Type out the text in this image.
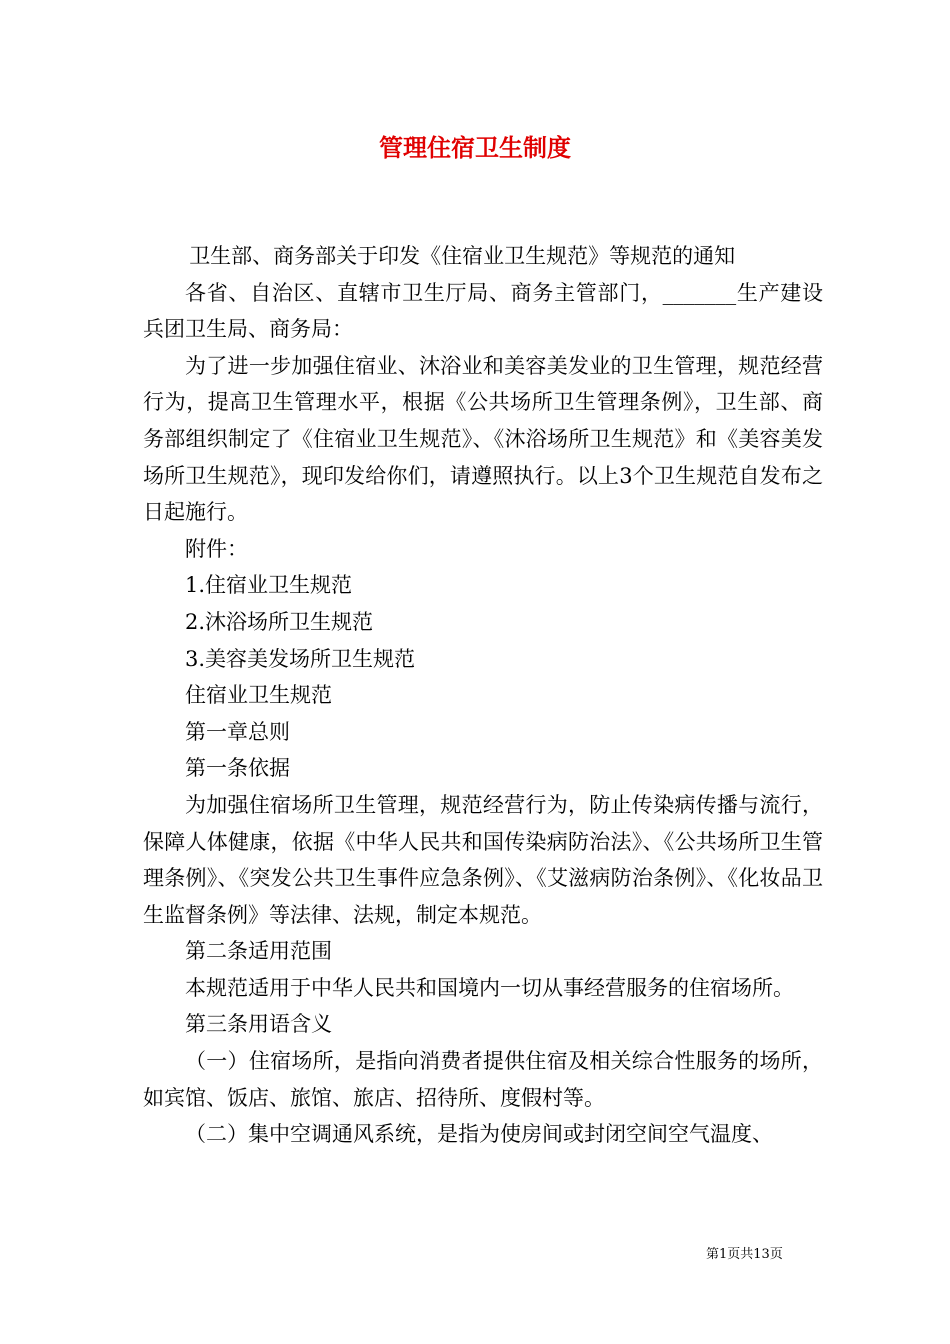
管理住宿卫生制度

卫生部、商务部关于印发《住宿业卫生规范》等规范的通知

各省、自治区、直辖市卫生厅局、商务主管部门，_______生产建设兵团卫生局、商务局：

为了进一步加强住宿业、沐浴业和美容美发业的卫生管理，规范经营行为，提高卫生管理水平，根据《公共场所卫生管理条例》，卫生部、商务部组织制定了《住宿业卫生规范》、《沐浴场所卫生规范》和《美容美发场所卫生规范》，现印发给你们，请遵照执行。以上3个卫生规范自发布之日起施行。

附件：

1.住宿业卫生规范

2.沐浴场所卫生规范

3.美容美发场所卫生规范

住宿业卫生规范

第一章总则

第一条依据

为加强住宿场所卫生管理，规范经营行为，防止传染病传播与流行，保障人体健康，依据《中华人民共和国传染病防治法》、《公共场所卫生管理条例》、《突发公共卫生事件应急条例》、《艾滋病防治条例》、《化妆品卫生监督条例》等法律、法规，制定本规范。

第二条适用范围

本规范适用于中华人民共和国境内一切从事经营服务的住宿场所。

第三条用语含义

（一）住宿场所，是指向消费者提供住宿及相关综合性服务的场所，如宾馆、饭店、旅馆、旅店、招待所、度假村等。

（二）集中空调通风系统，是指为使房间或封闭空间空气温度、

第1页共13页
